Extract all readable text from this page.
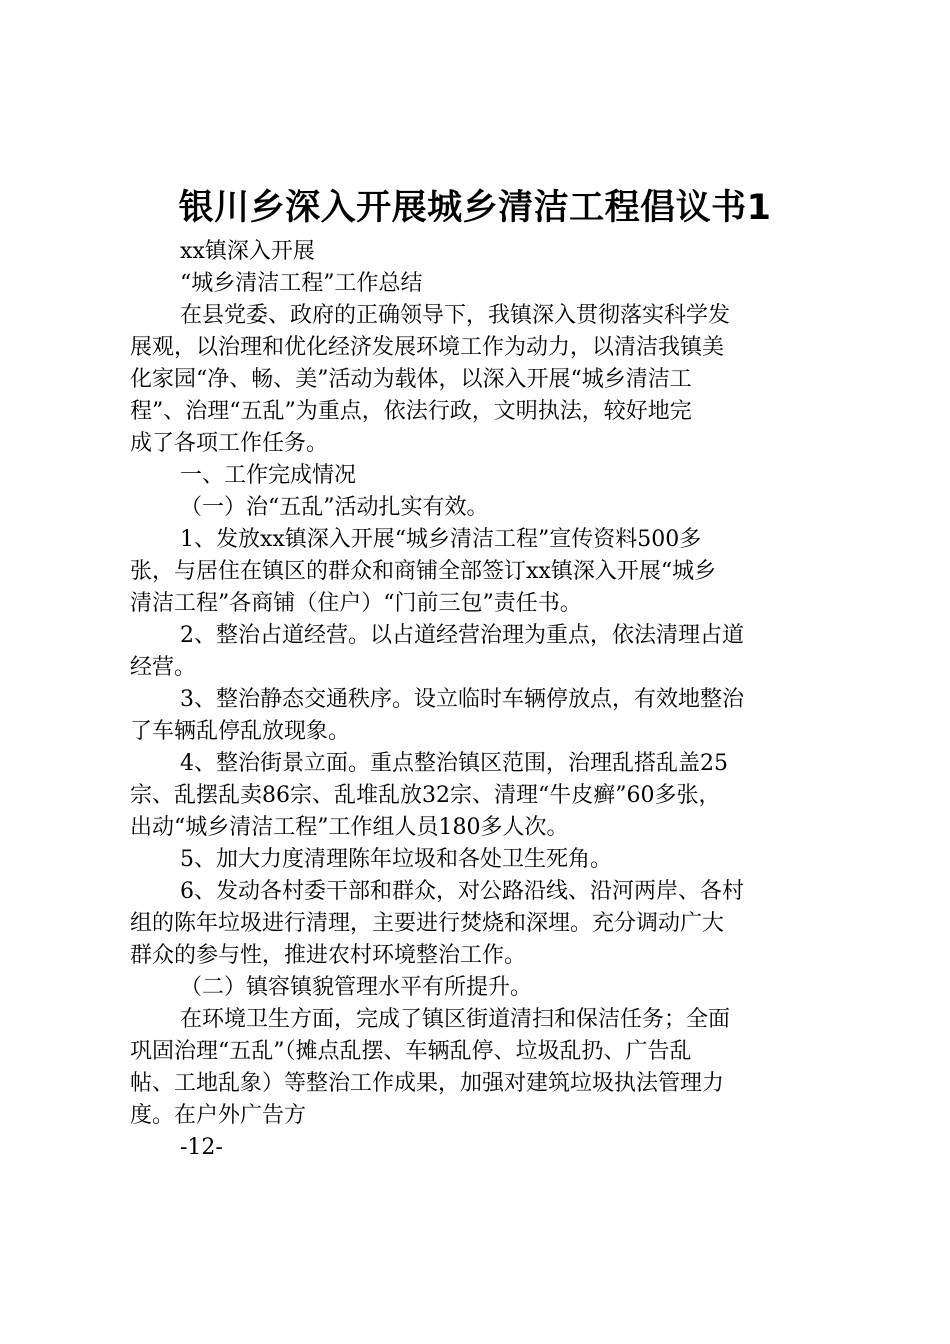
银川乡深入开展城乡清洁工程倡议书1
xx镇深入开展
“城乡清洁工程”工作总结
在县党委、政府的正确领导下，我镇深入贯彻落实科学发
展观，以治理和优化经济发展环境工作为动力，以清洁我镇美
化家园“净、畅、美”活动为载体，以深入开展“城乡清洁工
程”、治理“五乱”为重点，依法行政，文明执法，较好地完
成了各项工作任务。
一、工作完成情况
（一）治“五乱”活动扎实有效。
1、发放xx镇深入开展“城乡清洁工程”宣传资料500多
张，与居住在镇区的群众和商铺全部签订xx镇深入开展“城乡
清洁工程”各商铺（住户）“门前三包”责任书。
2、整治占道经营。以占道经营治理为重点，依法清理占道
经营。
3、整治静态交通秩序。设立临时车辆停放点，有效地整治
了车辆乱停乱放现象。
4、整治街景立面。重点整治镇区范围，治理乱搭乱盖25
宗、乱摆乱卖86宗、乱堆乱放32宗、清理“牛皮癣”60多张，
出动“城乡清洁工程”工作组人员180多人次。
5、加大力度清理陈年垃圾和各处卫生死角。
6、发动各村委干部和群众，对公路沿线、沿河两岸、各村
组的陈年垃圾进行清理，主要进行焚烧和深埋。充分调动广大
群众的参与性，推进农村环境整治工作。
（二）镇容镇貌管理水平有所提升。
在环境卫生方面，完成了镇区街道清扫和保洁任务；全面
巩固治理“五乱”（摊点乱摆、车辆乱停、垃圾乱扔、广告乱
帖、工地乱象）等整治工作成果，加强对建筑垃圾执法管理力
度。在户外广告方

-12-
